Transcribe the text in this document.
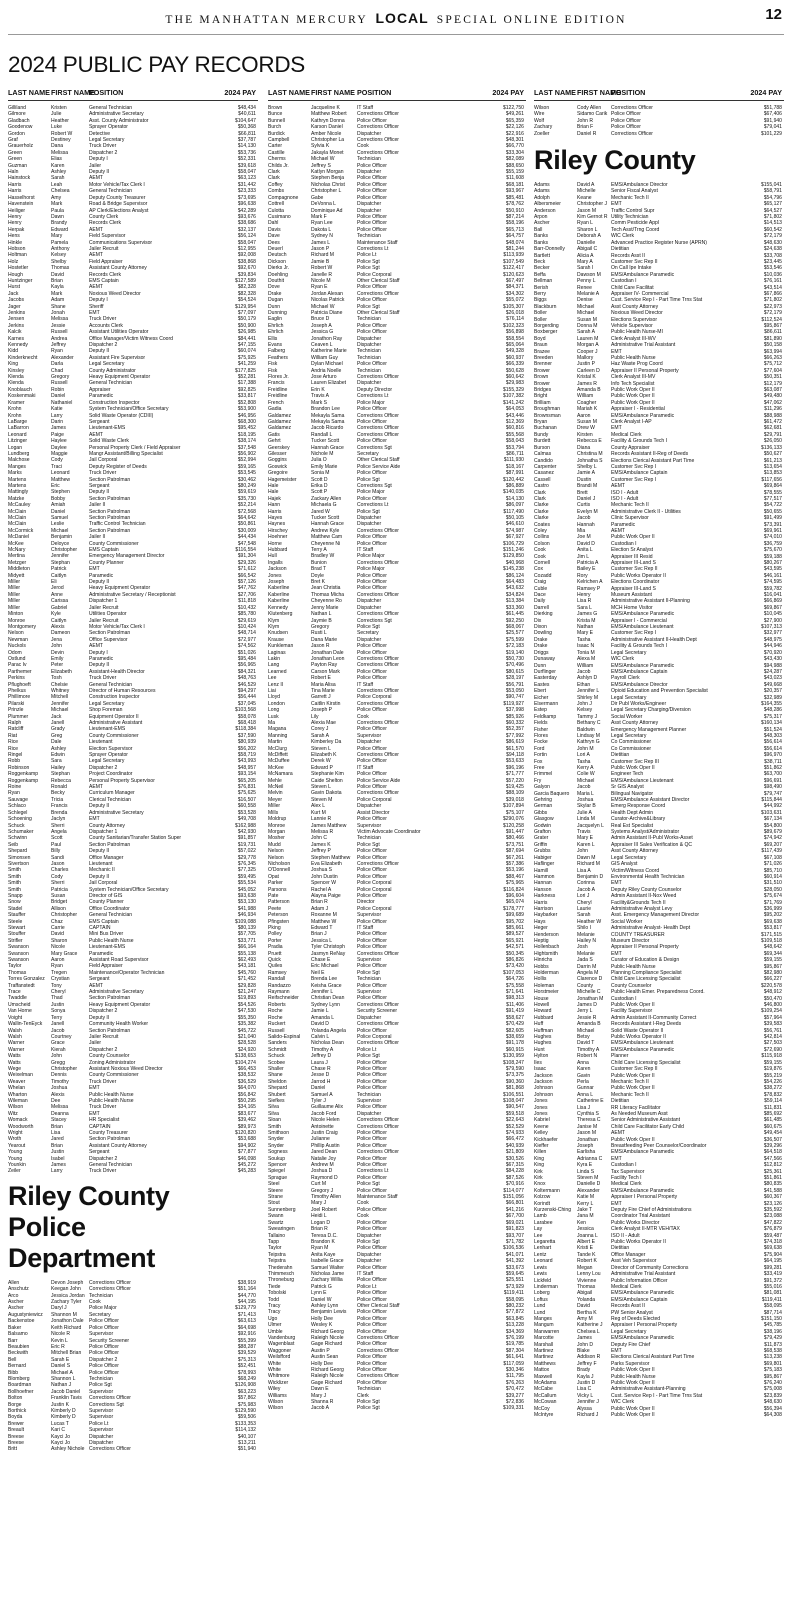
THE MANHATTAN MERCURY LOCAL SPECIAL ONLINE EDITION	12
2024 PUBLIC PAY RECORDS
LAST NAME FIRST NAME
POSITION	2024 PAY
Gilliland	Kristen	General Technician	$48,434
Gilmore	Julie	Administrative Secretary	$40,611
Gladbach	Heather	Asst. County Administrator	$104,647
Goodenow	Luke	Sprayer Operator	$50,368
Gordon	Robert W	Detective	$66,811
Graf	Destiney	Legal Secretary	$37,787
Grauerholz	Dana	Truck Driver	$14,130
Green	Melissa	Dispatcher 2	$53,736
Green	Elias	Deputy I	$52,331
Guzman	Karen	Jailer	$39,618
Haln	Ashley	Deputy II	$58,047
Hainstock	Sarah	AEMT	$63,123
Harris	Leah	Motor Vehicle/Tax Clerk I	$31,442
Harris	Chelsea	General Technician	$23,333
Hasselhorst	Amy	Deputy County Treasurer	$73,695
Havenstein	Mark	Road & Bridge Supervisor	$96,638
Heiliger	Paula	AP Clerk/Elections Analyst	$42,289
Henry	Dawn	County Clerk	$93,676
Henry	Brandy	Records Clerk	$38,686
Herpak	Edward	AEMT	$32,137
Hens	Mary	Field Supervisor	$56,124
Hinkle	Pamela	Communications Supervisor	$58,047
Hobson	Anthony	Jailer Recruit	$12,955
Holtman	Kelsey	AEMT	$92,008
Holz	Shelby	Field Appraiser	$38,868
Hostetler	Thomas	Assistant County Attorney	$92,670
Hough	David	Records Clerk	$39,834
Huntzinger	Brian	EMS Captain	$127,589
Hurst	Kayla	AEMT	$82,328
Jack	Mark	Noxious Weed Director	$82,328
Jacobs	Adam	Deputy I	$54,524
Jager	Shane	Sheriff	$129,954
Jenkins	Jonah	EMT	$77,097
Jensen	Melissa	Truck Driver	$50,179
Jerkins	Jessie	Accounts Clerk	$50,900
Kalcik	Russell	Assistant Utilities Operator	$26,985
Karnes	Andrea	Office Manager/Victim Witness Coord	$84,441
Kennedy	Jeffrey	Dispatcher 2	$47,155
Kidd	Ryan	Deputy II	$60,074
Kinderknecht	Alexander	Assistant Fire Supervisor	$75,925
King	Darla	Legal Secretary	$41,259
Kinsley	Chad	County Administrator	$177,825
Klenda	Gregory	Heavy Equipment Operator	$52,281
Klenda	Russell	General Technician	$17,388
Knoblauch	Robin	Appraiser	$92,825
Koskenmaki	Daniel	Paramedic	$33,817
Kramer	Nathaniel	Construction Inspector	$52,808
Krohn	Katie	System Technician/Office Secretary	$53,900
Krohn	Larry	Solid Waste Operator (CDIII)	$46,956
LaBarge	Darin	Sergeant	$68,300
LaBarron	James	Lieutenant-EMS	$95,452
Leonard	Paige	AEMT	$18,195
Litzinger	Haylee	Solid Waste Clerk	$38,174
Logan	Daylee	Personal Property Clerk / Field Appraiser	$37,548
Lundberg	Maggie	Mangr Assistant/Billing Specialist	$56,902
Malchose	Cody	Jail Corporal	$52,994
Manges	Traci	Deputy Register of Deeds	$59,165
Marks	Leonard	Truck Driver	$53,545
Martens	Matthew	Section Patrolman	$30,462
Martens	Eric	Sergeant	$80,249
Mattingly	Stephen	Deputy II	$59,619
Matzke	Bobby	Section Patrolman	$35,730
McCauley	Amiah	Jailer II	$52,214
McClain	Daniel	Section Patrolman	$72,568
McClain	Samuel	Section Patrolman	$64,642
McClain	Leslie	Traffic Control Technician	$50,861
McCormick	Michael	Section Patrolman	$30,009
McDaniel	Benjamin	Jailer II	$44,434
McKee	Deloyce	County Commissioner	$47,548
McNary	Christopher	EMS Captain	$116,554
Mertina	Jennifer	Emergency Management Director	$91,304
Metzger	Stephan	County Planner	$29,326
Middleton	Patrick	EMT	$71,612
Midyett	Caitlyn	Paramedic	$66,542
Miller	Eli	Deputy II	$57,126
Miller	Jerod	Heavy Equipment Operator	$47,762
Miller	Anne	Administrative Secretary / Receptionist	$27,706
Miller	Carissa	Dispatcher 1	$11,818
Miller	Gabriel	Jailer Recruit	$10,432
Minton	Kyle	Utilities Operator	$85,780
Monroe	Caitlyn	Jailer Recruit	$29,619
Montgomery	Alexis	Motor Vehicle/Tax Clerk I	$10,424
Nelson	Dameon	Section Patrolman	$48,714
Newman	Jena	Office Supervisor	$72,977
Nuckols	John	AEMT	$74,562
Odom	Devin	Deputy I	$51,026
Ostlund	Emily	Paramedic	$95,484
Parac Iv	Peter	Deputy II	$56,965
Parthemer	Elizabeth	Assistant-Health Director	$84,321
Perkins	Tosh	Truck Driver	$48,763
Pflughoeft	Chelsie	General Technician	$46,529
Phelkus	Whitney	Director of Human Resources	$94,297
Phillimore	Mitchell	Construction Inspector	$56,444
Pilarski	Jennifer	Legal Secretary	$37,045
Prinzle	Michael	Shop Foreman	$103,568
Plummer	Jack	Equipment Operator II	$58,078
Ralph	Janell	Administrative Assistant	$68,418
Ratcliff	Grady	Lieutenant-EMS	$118,384
Riat	Greg	County Commissioner	$37,590
Rice	Dale	Lieutenant	$80,939
Rice	Ashley	Election Supervisor	$56,202
Ringel	Edwin	Sprayer Operator	$58,719
Robb	Sara	Legal Secretary	$43,993
Robinson	Hailey	Dispatcher 2	$48,957
Roggenkamp	Stephan	Project Coordinator	$93,154
Roggenkamp	Rebecca	Personal Property Supervisor	$65,205
Roine	Ronald	AEMT	$76,831
Ryan	Becky	Curriculum Manager	$75,625
Sauvage	Tricia	Clerical Technician	$16,507
Schlaco	Francis	Deputy II	$60,558
Schlegel	Brenda	Administrative Secretary	$53,528
Schoening	Jaclyn	EMT	$49,708
Schuck	Sherri	County Attorney	$162,988
Schumaker	Angela	Dispatcher 1	$42,930
Schwinn	Scott	County Sanitarian/Transfer Station Super	$91,857
Seib	Paul	Section Patrolman	$19,731
Shepard	Billy	Deputy II	$57,022
Simonsen	Sandi	Office Manager	$29,778
Sivertson	Jason	Lieutenant	$76,345
Smith	Charles	Mechanic II	$77,325
Smith	Cody	Deputy II	$59,495
Smith	Sherri	Jail Corporal	$55,534
Smith	Patricia	System Technician/Office Secretary	$45,052
Snapp	Susan	Director of GIS	$93,638
Snow	Bridget	County Planner	$53,130
Stadel	Allison	Office Coordinator	$41,988
Stauffer	Christopher	General Technician	$46,934
Steele	Chaz	EMS Captain	$109,088
Stewart	Carrie	CAPTAIN	$80,139
Stouffer	David	Mini Bus Driver	$57,705
Strifler	Sharon	Public Health Nurse	$33,771
Swanson	Nicole	Lieutenant-EMS	$66,164
Swanson	Mary Grace	Paramedic	$55,138
Swanson	Aaron	Assistant Road Supervisor	$62,493
Taylor	Ryan	Field Appraiser	$43,181
Thomas	Tregen	Maintenance/Operator Technician	$45,760
Torres Gonzalez	Crystian	Sergeant	$71,452
Traffanstedt	Tony	AEMT	$29,828
Trace	Cheryl	Administrative Secretary	$21,247
Twaddle	Thad	Section Patrolman	$19,893
Umscheid	Justin	Heavy Equipment Operator	$54,526
Van Horne	Sonya	Dispatcher 2	$47,530
Voight	Terry	Deputy II	$55,350
Wallin-TenEyck	Janell	Community Health Worker	$35,382
Walsh	Jacob	Section Patrolman	$45,722
Walsh	Courtney	Jailer Recruit	$21,040
Warner	Grace	Jailer	$28,528
Warner	Kierah	Dispatcher 2	$24,920
Watts	John	County Counselor	$138,653
Watts	Gregg	Zoning Administrator	$104,274
Wege	Christopher	Assistant Noxious Weed Director	$66,453
Weixelman	Dennis	County Commissioner	$38,532
Weaver	Timothy	Truck Driver	$36,529
Whelan	Joshua	EMT	$64,070
Wharton	Alexis	Public Health Nurse	$56,842
Wileman	Dee	Public Health Nurse	$50,295
Wilson	Melissa	Truck Driver	$34,165
Witz	Deanna	EMT	$83,677
Womack	Stacey	HR Specialist	$39,462
Woodworth	Brian	CAPTAIN	$89,973
Wright	Lisa	County Treasurer	$120,820
Wroth	Jared	Section Patrolman	$53,688
Yearout	Brian	Assistant County Attorney	$94,902
Young	Justin	Sergeant	$77,877
Young	Isabel	Dispatcher 2	$46,098
Younkin	James	General Technician	$45,272
Zeiler	Larry	Truck Driver	$45,283
Riley County Police Department
Allen	Devon Joseph	Corrections Officer	$38,919
Anschutz	Keegan John	Corrections Officer	$51,164
Arco	Jessica Jordan Technician	$44,770
Ascher	Zachary Tyler	Cook	$44,195
Ascher	Daryl J	Police Major	$129,779
Augustyniewicz	Shannon M	Secretary	$71,413
Backenstoe	Jonathon Dale	Police Officer	$63,613
Baker	Keith Richard	Police Officer	$64,698
Balsamo	Nicole R	Supervisor	$92,916
Barr	Kevin L	Security Screener	$55,399
Beaubien	Eric R	Police Officer	$88,287
Beckwith	Mitchell Brian	Police Officer	$39,529
Bell	Sarah E	Dispatcher 2	$75,313
Bernard	Daniel S	Police Officer	$52,451
Bibb	Michael A	Police Officer	$78,993
Blomberg	Shannon L	Technician	$68,249
Boardman	Nathan J	Police Sgt	$126,908
Bollhoefner	Jacob Daniel	Supervisor	$63,223
Bolton	Franklin Tavis	Corrections Officer	$57,862
Borge	Justin K	Corrections Sgt	$75,983
Borthick	Kimberly D	Supervisor	$129,590
Boyda	Kimberly D	Supervisor	$59,506
Brewer	Lucas T	Police Lt	$133,353
Breault	Kari C	Supervisor	$114,132
Breese	Kayci Jo	Dispatcher	$40,107
Breese	Kayci Jo	Dispatcher	$13,211
Britt	Ashley Nichole Corrections Officer	$51,940
LAST NAME FIRST NAME POSITION	2024 PAY
Brown	Jacqueline K	IT Staff	$122,750
Bunce	Matthew Robert	Corrections Officer	$49,261
Bunnell	Kathryn Donna	Police Officer	$65,359
Burch	Karson Daniel	Corrections Officer	$22,126
Burdick	Amber Nicole	Dispatcher	$22,916
Campbell	Christopher La	Corrections Officer	$48,301
Carter	Sylvia K	Cook	$66,770
Castille	Jakayla Monet	Corrections Officer	$33,304
Cherms	Michael W	Technician	$82,089
Childs Jr.	Jeffrey S	Police Officer	$88,650
Clark	Katlyn Morgan	Dispatcher	$55,159
Clark	Stephen Benja	Police Officer	$11,608
Coffey	Nicholas Christ	Police Officer	$68,181
Combs	Christopher L	Police Officer	$93,967
Compagnone	Gabe	Police Officer	$85,481
Cottrell	DeVonna L	Dispatcher	$78,762
Culotta	Dominique Ad	Dispatcher	$50,910
Cusimano	Mark F	Police Officer	$87,214
Dahl	Ryan Lee	Police Officer	$58,196
Davis	Dakota L	Police Officer	$65,713
Dave	Sydney N	Technician	$64,757
Dees	James L	Maintenance Staff	$48,074
Deuerl	Jason P	Corrections Lt	$81,244
Deutsch	Richard M	Police Lt	$113,939
Dickson	Jamie B	Police Sgt	$107,549
Dierks Jr.	Robert W	Police Sgt	$122,417
Doehling	Janelle R	Police Corporal	$120,623
Douthit	Nicole M	Other Clerical Staff	$67,497
Dove	Ryan E	Police Officer	$84,371
Drake	Jordan Alexan	Corrections Officer	$34,302
Dugan	Nicolas Patrick	Police Officer	$55,072
Dunn	Michael W	Police Sgt	$105,307
Dunning	Patricia Diane	Other Clerical Staff	$26,018
Eaglin	Bruce D	Technician	$76,114
Ehrlich	Joseph A	Police Officer	$102,323
Ehrlich	Jessica G	Police Officer	$56,898
Ellis	Jonathon Ray	Dispatcher	$58,554
Evans	Ceaven L	Dispatcher	$65,064
Falberg	Katherine Marie	Technician	$49,328
Feathers	William Guy	Technician	$60,937
Fisk	Dylan Michael	Police Officer	$66,339
Fisk	Andria Noelle	Technician	$50,628
Flores Jr.	Jose Arturo	Corrections Officer	$60,642
Francis	Lauren Elizabet	Dispatcher	$29,983
Freidline	Erin K	Deputy Director	$155,329
Freidline	Travis A	Corrections Lt	$107,382
French	Mark S	Police Major	$141,242
Gadia	Brandon Lee	Police Officer	$64,053
Galdamez	Mekayla Sama	Corrections Officer	$43,446
Galdamez	Mekayla Sama	Police Officer	$12,369
Galdamez	Jacob Ricardo	Corrections Officer	$60,816
Gatis	Randall L	Corrections Officer	$55,568
Gehrt	Tucker Scott	Police Officer	$58,043
Geerskey	Hannah Grace	Corrections Sgt	$53,794
Gilesser	Nichole M	Secretary	$86,711
Goggins	Julia O	Other Clerical Staff	$111,930
Goswick	Emily Marie	Police Service Aide	$18,167
Gregoire	Sonia M	Police Officer	$87,991
Hagemeister	Scott D	Police Sgt	$120,442
Hale	Erika D	Corrections Sgt	$86,889
Hale	Scott P	Police Major	$140,035
Hajek	Zackary Allen	Police Officer	$14,130
Hann	Michaela G	Corrections Lt	$86,097
Harris	Jared W	Police Sgt	$117,490
Hayes	Tucker Scott	Dispatcher	$50,105
Haynes	Hannah Grace	Dispatcher	$46,610
Hirschey	Andrew Kyle	Corrections Officer	$74,987
Hoehner	Matthew Cam	Police Officer	$67,927
Horne	Cheyenne Ni	Police Officer	$106,729
Hubbard	Terry A	IT Staff	$151,246
Hull	Bradley W	Police Major	$129,850
Ingalls	Bunion	Corrections Officer	$40,968
Jackson	Brad T	Police Major	$145,238
Jones	Doyle	Police Officer	$86,124
Joseph	Bret K	Police Officer	$64,483
Kaberline	Jean Christia	Police Officer	$43,632
Kaberline	Thomas Micha	Corrections Officer	$34,824
Kaberline	Cheyenne Ro	Dispatcher	$13,384
Kennedy	Jenny Marie	Dispatcher	$33,360
Klutenberg	Nathan L	Corrections Officer	$61,445
Klym	Jaymie B	Corrections Sgt	$92,250
Klym	Gregory	Police Sgt	$68,067
Knudsen	Rusti L	Secretary	$25,577
Krause	Dana Marie	Dispatcher	$75,599
Kunkleman	Jason R	Police Officer	$72,183
Laginas	Jonathan Dale	Police Officer	$19,140
Lakin	Jonathan Leon	Corrections Officer	$50,730
Lang	Payton Ray	Corrections Officer	$70,496
Learned	Carson Mark	Police Officer	$80,615
Lee	Robert E	Police Officer	$28,197
Lenz II	Maria Alisa	IT Staff	$56,791
Liai	Tina Marie	Corrections Officer	$53,050
Lloyd	Garrett J	Police Corporal	$90,747
London	Caitlin Kirstin	Corrections Officer	$119,927
Long	Joseph P	Police Officer	$37,998
Lusk	Lily	Cook	$85,926
Ma	Alexia Mae	Corrections Officer	$60,332
Magana	Corey J	Police Officer	$52,357
Manning	Sarah A	Supervisor	$77,992
Martin	Kimberley Da	Dispatcher	$86,619
McClurg	Steven L	Police Officer	$61,570
McDiffett	Elizabeth K	Corrections Officer	$94,118
McDuffee	Derek W	Police Officer	$53,633
McKee	Edward P	IT Staff	$96,196
McNamara	Stephanie Kim	Police Officer	$71,777
Mehle	Caide Shelton	Police Service Aide	$57,220
McNeil	Steven L	Police Officer	$19,425
Melvin	Gavin Dakota	Corrections Officer	$88,109
Meyer	Steven M	Police Corporal	$39,018
Miller	Alex L	Dispatcher	$107,894
Mills	Kurt M	Assist Director	$75,107
Moldrup	Lannie R	Police Officer	$290,076
Monroe	James Matthew	Supervisor	$120,258
Morgan	Melissa R	Victim Advocate Coordinator	$91,447
Mosher	John C	Technician	$80,466
Mudd	James K	Police Sgt	$73,751
Nelson	Jeffrey P	Police Officer	$87,694
Nelson	Stephen Matthew	Police Officer	$67,261
Nicholson	Eva Elizabeth	Corrections Officer	$57,386
O'Donnell	Joshua S	Police Officer	$53,196
Opat	John Dustin	Police Officer	$88,467
Parker	Spencer W	Police Corporal	$75,965
Parsons	Rachel A	Police Corporal	$116,824
Pate	Alayna Paige	Police Officer	$96,604
Patterson	Brian R	Director	$65,074
Peete	Adam J	Police Corporal	$178,777
Peterson	Roxanne M	Supervisor	$99,689
Pfingsten	Matthew W	Police Officer	$95,702
Pking	Edward T	IT Staff	$85,661
Polley	Brian J	Police Officer	$89,527
Porter	Jessica L	Police Officer	$65,921
Pradia	Tyler Christoph	Police Officer	$42,571
Pruett	Jasmyn ReNay	Corrections Officer	$50,345
Quick	Chase E	Supervisor	$86,826
Quiles	Eric Michael	Police Officer	$73,420
Ramsey	Neil E	Police Sgt	$107,053
Randall	Brenda Lee	Technician	$64,726
Randazzo	Keisha Grace	Police Officer	$75,558
Raymann	Jennifer L	Supervisor	$71,641
Reifschneider	Christian Dean	Police Officer	$98,313
Roberts	Sydney Lynn	Corrections Officer	$11,406
Roche	Jamie L	Security Screener	$91,419
Roche	Amanda L	Dispatcher	$58,627
Ruckert	David D	Corrections Officer	$70,429
Russell	Yolanda Angela	Police Officer	$82,605
Salido-Espinal	Calvin L	Police Corporal	$38,659
Sanders	Nicholas Dean	Corrections Officer	$91,178
Schmidt	Timothy A	Police Lt	$60,915
Schuck	Jeffrey D	Police Sgt	$130,959
Scobee	Laura J	Police Officer	$108,247
Shaller	Chase R	Police Officer	$79,590
Shane	Jesse D	Police Officer	$73,375
Sheldon	Jarrod H	Police Officer	$90,360
Shepard	Daniel	Police Officer	$81,868
Shubert	Samuel A	Technician	$106,551
Siefkes	Tyler J	Supervisor	$108,047
Silva	Guillaume Alix	Police Officer	$90,547
Silva	Jacob Ford	Dispatcher	$59,518
Sloan	Nicole Helen	Corrections Officer	$22,643
Smith	Antoinette	Corrections Officer	$52,529
Smithson	Justin Craig	Police Officer	$74,933
Snyder	Julianne	Police Officer	$66,472
Snyder	Phillip Austin	Police Officer	$40,939
Sogness	Jared Dean	Corrections Officer	$21,809
Soukup	Natalie Joy	Police Officer	$30,526
Spencer	Andrew M	Police Officer	$67,315
Spiegel	Joshua D	Corrections Lt	$84,228
Sprague	Raymond D	Police Officer	$87,526
Steel	Curt M	Police Sgt	$70,916
Steere	Gregory J	Police Officer	$114,077
Strane	Timothy Allen	Maintenance Staff	$151,056
Stout	Mary J	Cook	$66,801
Sunnenberg	Joel Robert	Police Officer	$41,216
Swann	Heidi L	Cook	$67,700
Swartz	Logan D	Police Officer	$69,021
Swearingen	Brian R	Police Officer	$91,823
Tallaino	Teresa D.C.	Dispatcher	$93,707
Tapp	Brandon K	Police Sgt	$71,782
Taylor	Ryan M	Police Officer	$106,536
Teipstra	Anita Kaye	Dispatcher	$41,071
Teipstra	Isabelle Grace	Dispatcher	$41,392
Thederahn	Samuel Walter	Police Officer	$33,673
Thimmesch	Nicholas Jame	IT Staff	$59,645
Throneburg	Zachary Willia	Police Officer	$25,551
Tiede	Patrick G	Police Lt	$73,929
Tobolski	Lynn E	Police Officer	$119,411
Todd	Daniel W	Police Officer	$58,095
Tracy	Ashley Lynn	Other Clerical Staff	$80,232
Tracy	Benjamin Lewis	Police Officer	$77,872
Ugo	Holly Dee	Police Officer	$63,845
Ulmer	Wesley K	Police Officer	$13,228
Umble	Richard Georg	Police Officer	$34,369
Vandenburg	Raleigh Nicole	Corrections Officer	$76,199
Wagenblast	Gage Richard	Police Officer	$19,785
Waggoner	Austin P	Corrections Officer	$87,304
Weilsfford	Austin Sean	Police Officer	$61,641
White	Holly Dee	Police Officer	$117,059
White	Richard Georg	Police Officer	$30,346
Whitmore	Raleigh Nicole	Corrections Officer	$11,795
Wicklizer	Gage Richard	Police Officer	$76,263
Wiley	Dawn E	Technician	$70,472
Williams	Mary J	Clerk	$39,277
Wilson	Shanna R	Police Sgt	$72,836
Wilson	Jacob A	Police Sgt	$109,331
LAST NAME FIRST NAME
POSITION	2024 PAY
Wilson	Cody Allen	Corrections Officer	$51,788
Wire	Sidamo Carik Police Officer	$67,406
Wolf	John R	Police Officer	$91,940
Zachary	Brian F	Police Officer	$79,041
Zoeller	Daniel R	Corrections Officer	$101,229
Riley County
Adams	David A	EMS/Ambulance Director	$155,041
Adams	Michelle	Senior Fiscal Analyst	$58,791
Adolph	Keane	Mechanic Tech II	$54,796
Albersmeier	Christopher J EMT	$65,127
Anderson	Jason M	Traffic Control Supr	$64,527
Arpon	Kim Gernot R Utility Technician	$71,802
Ascher	Ryan L	Comm Pesticide Appl	$14,513
Ball	Sharon L	Tech Asst/Trng Coord	$60,542
Banks	Deborah A	WIC Clerk	$72,179
Banks	Danielle	Advanced Practice Register Nurse (APRN)	$48,630
Barr-Donnelly	Abigail C	Dietitian	$24,638
Bartlett	Alicia A	Records Asst II	$33,708
Beck	Mary A	Customer Svc Rep II	$23,445
Becker	Sarah I	On Call Ipe Intake	$53,546
Beffa	Dawson M	EMS/Ambulance Paramedic	$10,036
Bellman	Penny L	Custodian I	$76,161
Berish	Renee	Child Care Facilitat	$43,514
Berry	Melanie A	Appraiser IV- Commercial	$67,866
Biggs	Denise	Cust. Service Rep I - Part Time Trns Stat	$71,802
Blackburn	Michael	Asst County Attorney	$22,973
Boller	Michael	Noxious Weed Director	$72,179
Boller	Susan M	Elections Supervisor	$112,524
Borgerding	Donna M	Vehicle Supervisor	$95,867
Boxberger	Sarah A	Public Health Nurse-MI	$86,611
Boyd	Lauren M	Clerk Analyst III-WV	$81,890
Braun	Morgan A	Administrative Trial Assistant	$50,158
Brazee	Cooper J	EMT	$63,994
Breeden	Mallory	Public Health Nurse	$66,263
Brenner	Justin P	Haz Waste Prog Coord	$75,712
Brower	Carleen D	Appraiser II Personal Property	$77,604
Brown	Kristal K	Clerk Analyst III-MV	$50,351
Brower	James R	Info Tech Specialist	$12,179
Bridges	Amanda B	Public Work Oper II	$63,087
Bright	William	Public Work Oper II	$49,480
Brilliam	Coagher	Public Work Oper II	$47,062
Broughman	Mariah K	Appraiser I - Residential	$11,296
Brownsman	Aaron	EMS/Ambulance Paramedic	$88,988
Bryan	Susan M	Clerk Analyst I-AP	$61,472
Buchanan	Drew W	EMT	$62,681
Bundy	Kirsten	Medical Clerk	$29,791
Burdett	Rebecca E	Facility & Grounds Tech I	$26,050
Burson	Diana	County Appraiser	$136,133
Calmas	Christina M	Records Assistant II-Reg of Deeds	$50,627
Candido	Johnatha S	Elections Clerical Assistant Part Time	$61,213
Carpenter	Shelby L	Customer Svc Rep I	$13,654
Casanez	Jamie A	EMS/Ambulance Captain	$13,853
Cassell	Dustin	Customer Svc Rep I	$117,656
Castro	Brandi M	AEMT	$69,864
Clark	Brett	ISO I - Adult	$78,555
Clark	Daniel J	ISO I - Adult	$77,517
Clarke	Curtis	Mechanic Tech II	$54,722
Clarke	Evelyn M	Administrative Clerk II - Utilities	$50,655
Clarke	Jacob	Clinic Supervisor	$91,499
Coates	Hannah	Paramedic	$73,391
Coley	Mia	AEMT	$69,961
Collins	Joe M	Public Work Oper II	$74,010
Colson	David D	Custodian I	$36,759
Cook	Anita L	Election Sr Analyst	$75,670
Cook	Jim L	Appraiser III Resid	$59,188
Cornell	Patricia A	Appraiser III-Land S	$80,267
Cox	Bailey E	Customer Svc Rep II	$43,595
Cozadd	Rory	Public Works Operator II	$46,161
Craig	Kelrichen A	Elections Coordinator	$74,595
Cuble	Ramsey P	Appraiser III-Land S	$59,782
Dace	Henry	Museum Assistant	$16,041
Daily	Lisa R	Administrative Assistant II-Planning	$66,869
Darrell	Sara L	MCH Home Visitor	$69,867
Dierking	James G	EMS/Ambulance Paramedic	$10,045
Dix	Krista M	Appraiser I - Commercial	$27,900
Dixon	Nathan	EMS/Ambulance Lieutenant	$107,313
Dowling	Mary E	Customer Svc Rep I	$32,977
Drake	Tasha	Administrative Assistant II-Health Dept	$48,975
Drake	Isaac N	Facility & Grounds Tech I	$44,946
Driggs	Tonia M	Legal Secretary	$70,920
Dunaway	Alexa M	WIC Clerk	$43,430
Dunn	William	EMS/Ambulance Paramedic	$94,988
Durflinger	Jacob	EMS/Ambulance Captain	$24,287
Easterday	Ashlyn D	Payroll Clerk	$43,023
Eastes	Ethan	EMS/Ambulance Director	$49,668
Ebert	Jennifer L	Opioid Education and Prevention Specialist	$20,357
Eicher	Shirley M	Legal Secretary	$32,989
Elsermann	John J	Dir Publ Works/Engineer	$164,355
Estep	Kelsey	Legal Secretary Charging/Diversion	$48,286
Feldkamp	Tammy J	Social Worker	$75,317
Fields	Bethany C	Asst County Attorney	$160,134
Fisher	Baldwin	Emergency Management Planner	$51,524
Flores	Lindsay M	Legal Secretary	$48,303
Focke	Kathryn G	Co Commissioner	$56,614
Ford	John M	Co Commissioner	$56,614
Fortin	Lori A	Dietitian	$96,970
Fox	Tasha	Customer Svc Rep III	$38,711
Free	Kerry A	Public Work Oper II	$51,862
Frimmel	Colie W	Engineer Tech	$63,700
Fry	Michael	EMS/Ambulance Lieutenant	$96,691
Galyon	Jacob	Sr GIS Analyst	$98,490
Garcia Baquero	Maria L	Bilingual Navigator	$79,747
Gehring	Joshua	EMS/Ambulance Assistant Director	$115,844
German	Skylar B	Emerg Response Coord	$44,992
Gibbs	Julie A	Health Dept Admin	$103,631
Glasgow	Linda M	Curator-Archive&Library	$67,134
Godwin	Jacquelyn L	Real Est Specialist	$54,800
Grafton	Travis	Systems Analyst/Administrator	$89,679
Grater	Mary E	Admin Assistant II-Publ Works-Asset	$74,942
Griffin	Karen L	Appraiser III Sales Verification & QC	$69,207
Grubbs	John	Asst County Attorney	$117,439
Habiger	Dawn M	Legal Secretary	$67,108
Haflinger	Richard M	GIS Analyst	$71,026
Hamill	Lisa A	Victim/Witness Coord	$85,710
Hammon	Benjamin D	Environmental Health Technician	$60,914
Hannan	Corinna	EMT	$31,510
Hanson	Jacob A	Deputy Riley County Counselor	$28,050
Harkness	Lori J	Admin Assistant II-Nox Weed	$75,674
Harris	Cheryl	Facility&Grounds Tech II	$71,769
Harrison	Laurie	Administrative Analyst Levy	$36,999
Haybarker	Sarah	Asst. Emergency Management Director	$95,202
Hays	Heather W	Social Worker	$69,638
Heger	Shilo I	Administrative Analyst- Health Dept	$53,817
Henderson	Melanie	COUNTY TREASURER	$171,515
Heptig	Hailey N	Museum Director	$109,518
Hollenbach	Josh	Appraiser II Personal Property	$48,642
Hightsmith	Melanie	EMT	$69,344
Hinrichs	Jada S	Curator of Education & Design	$59,155
Hobbs	Darrin M	Public Health Nurse	$95,867
Holderman	Angela M	Planning Compliance Specialist	$82,980
Hollis	Clarence D	Child Care Licensing Specialist	$66,227
Holeman	County	County Counselor	$220,578
Horstmeier	Michelle C	Public Health Emer. Preparedness Coord.	$48,912
House	Jonathan M	Custodian I	$50,470
Howell	James D	Public Work Oper II	$46,800
Howard	Jerry L	Facility Supervisor	$109,254
Hubbard	Jessie R	Admin Assistant II-Community Correct	$57,964
Huff	Amanda B	Records Assistant I-Reg Deeds	$39,583
Huffman	Michael	Solid Waste Operator II	$56,761
Hughes	Betsy	Public Works Operator II	$42,814
Hughes	David T	EMS/Ambulance Lieutenant	$27,503
Hunt	Timothy A	EMS/Ambulance Paramedic	$72,690
Hylton	Robert N	Planner	$115,918
Iles	Anna	Child Care Licensing Specialist	$59,155
Isaac	Karen	Customer Svc Rep II	$19,876
Jackson	Gavin	Public Work Oper II	$55,219
Jackson	Perla	Mechanic Tech II	$54,226
Johnson	Gunnar	Public Work Oper II	$38,272
Johnson	Anna L	Mechanic Tech II	$78,832
Jones	Catherine E	Dietitian	$59,114
Jones	Lisa J	RR Literacy Facilitator	$11,831
Jones	Cynthia S	As Needed Museum Asst	$85,692
Kabriel	Theresa C	Senior Administrative Assistant	$61,485
Keene	Janise M	Child Care Facilitator Early Child	$60,675
Kelley	Jason M	AEMT	$49,454
Kickhaefer	Jonathan	Public Work Oper II	$36,507
Kieffer	Joseph	Breastfeeding Peer Counselor/Coordinator	$39,296
Killen	Earlisha	EMS/Ambulance Paramedic	$64,518
King	Adrianna C	EMT	$47,566
King	Kyra E	Custodian I	$12,812
Kirk	Linda S	Tax Supervisor	$25,361
Kirk	Steven M	Facility Tech I	$51,861
Knox	Danielle D	Medical Clerk	$80,835
Koltermann	Alexander	EMS/Ambulance Paramedic	$41,588
Kolzow	Katie M	Appraiser I Personal Property	$60,367
Korindt	Kerry L	EMT	$23,126
Kurzenski-Ching	Jake T	Deputy Fire Chief of Administrations	$35,592
Lamb	Jana M	Coordinator Trial Assistant	$23,088
Larabee	Ken	Public Works Director	$47,822
Lay	Jessica	Clerk Analyst II-MTR VEH/TAX	$76,879
Lee	Joanna L	ISO II - Adult	$59,487
Legaretta	Albert E	Public Works Operator II	$74,318
Lenhart	Kristi E	Dietitian	$69,638
Lentz	Tande K	Office Manager	$75,904
Leonard	Robert K	Asst Veh Supervisor	$64,195
Lewis	Megan	Director of Community Corrections	$99,281
Lewis	Lenny Lou	Administrative Trial Assistant	$33,419
Lickfeld	Vivienne	Public Information Officer	$91,372
Linderman	Thomas	Medical Clerk	$55,016
Loberg	Abigail	EMS/Ambulance Paramedic	$81,081
Loftus	Yolanda	EMS/Ambulance Captain	$119,411
Lund	David	Records Asst II	$58,095
Lund	Bertha K	PW Senior Analyst	$87,714
Manges	Amy M	Reg of Deeds Elected	$151,150
Mangum	Katherine J	Appraiser I Personal Property	$45,785
Manwarren	Chelsea L	Legal Secretary	$38,196
Marcotte	James	EMS/Ambulance Paramedic	$79,429
Marshall	John D	Deputy Fire Chief	$11,873
Martinez	Blake	EMT	$68,538
Martinez	Addison R	Elections Clerical Assistant Part Time	$13,238
Matthews	Jeffrey F	Parks Supervisor	$69,801
Mattox	Brady	Public Work Oper II	$75,183
Maxwell	Kayla J	Public Health Nurse	$95,867
McAdams	Justin D	Public Work Oper II	$76,240
McCabe	Lisa C	Administrative Assistant-Planning	$75,008
McCallum	Vicky L	Cust. Service Rep I - Part Time Trns Stat	$23,839
McCowan	Jennifer J	WIC Clerk	$48,630
McCoy	Alyssa	Public Work Oper II	$56,394
McIntyre	Richard J	Public Work Oper II	$64,308
